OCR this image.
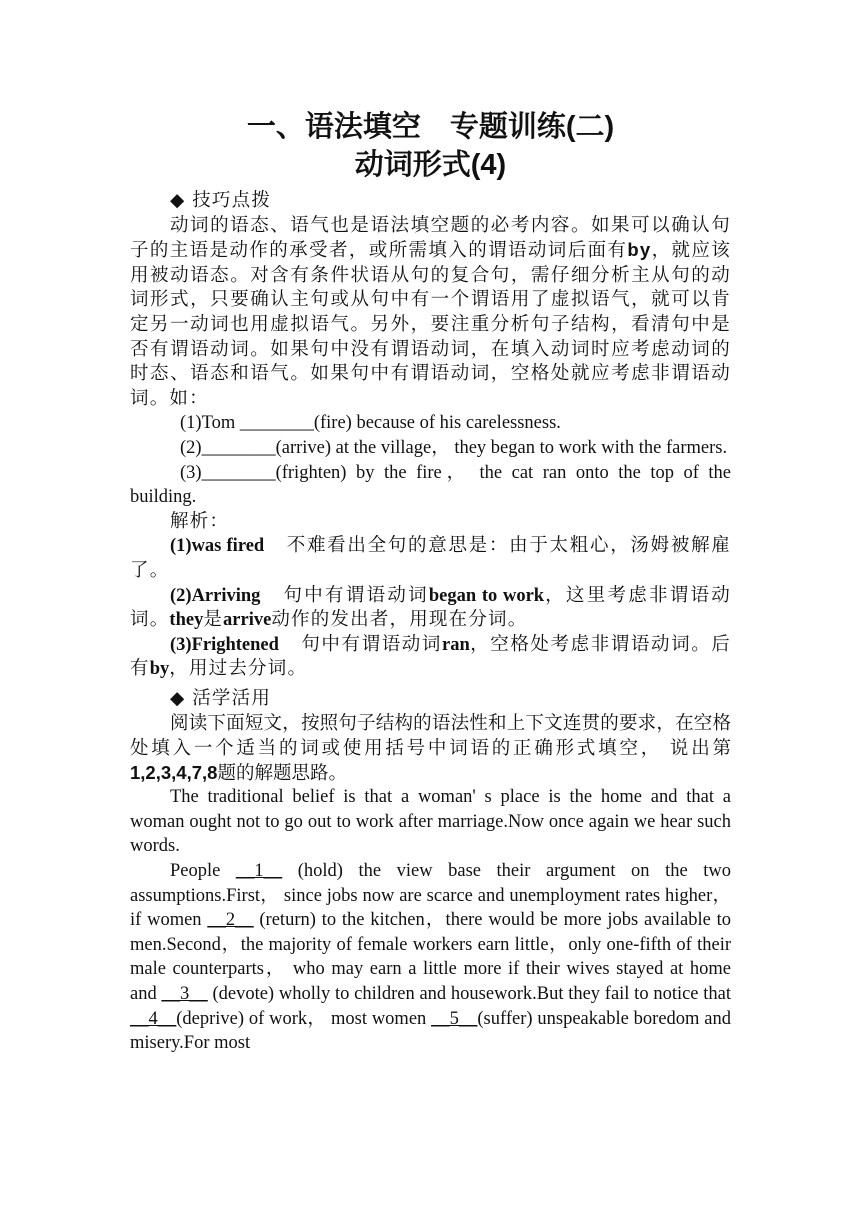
一、语法填空　专题训练(二)
动词形式(4)
◆ 技巧点拨

动词的语态、语气也是语法填空题的必考内容。如果可以确认句子的主语是动作的承受者，或所需填入的谓语动词后面有by，就应该用被动语态。对含有条件状语从句的复合句，需仔细分析主从句的动词形式，只要确认主句或从句中有一个谓语用了虚拟语气，就可以肯定另一动词也用虚拟语气。另外，要注重分析句子结构，看清句中是否有谓语动词。如果句中没有谓语动词，在填入动词时应考虑动词的时态、语态和语气。如果句中有谓语动词，空格处就应考虑非谓语动词。如：

(1)Tom ________(fire) because of his carelessness.

(2)________(arrive) at the village， they began to work with the farmers.

(3)________(frighten) by the fire， the cat ran onto the top of the building.

解析：

(1)was fired 不难看出全句的意思是：由于太粗心，汤姆被解雇了。

(2)Arriving 句中有谓语动词began to work，这里考虑非谓语动词。they是arrive动作的发出者，用现在分词。

(3)Frightened 句中有谓语动词ran，空格处考虑非谓语动词。后有by，用过去分词。

◆ 活学活用

阅读下面短文，按照句子结构的语法性和上下文连贯的要求，在空格处填入一个适当的词或使用括号中词语的正确形式填空， 说出第1,2,3,4,7,8题的解题思路。

The traditional belief is that a woman' s place is the home and that a woman ought not to go out to work after marriage.Now once again we hear such words.

People __1__ (hold) the view base their argument on the two assumptions.First， since jobs now are scarce and unemployment rates higher，if women __2__ (return) to the kitchen，there would be more jobs available to men.Second，the majority of female workers earn little，only one-fifth of their male counterparts， who may earn a little more if their wives stayed at home and __3__ (devote) wholly to children and housework.But they fail to notice that __4__(deprive) of work， most women __5__(suffer) unspeakable boredom and misery.For most
